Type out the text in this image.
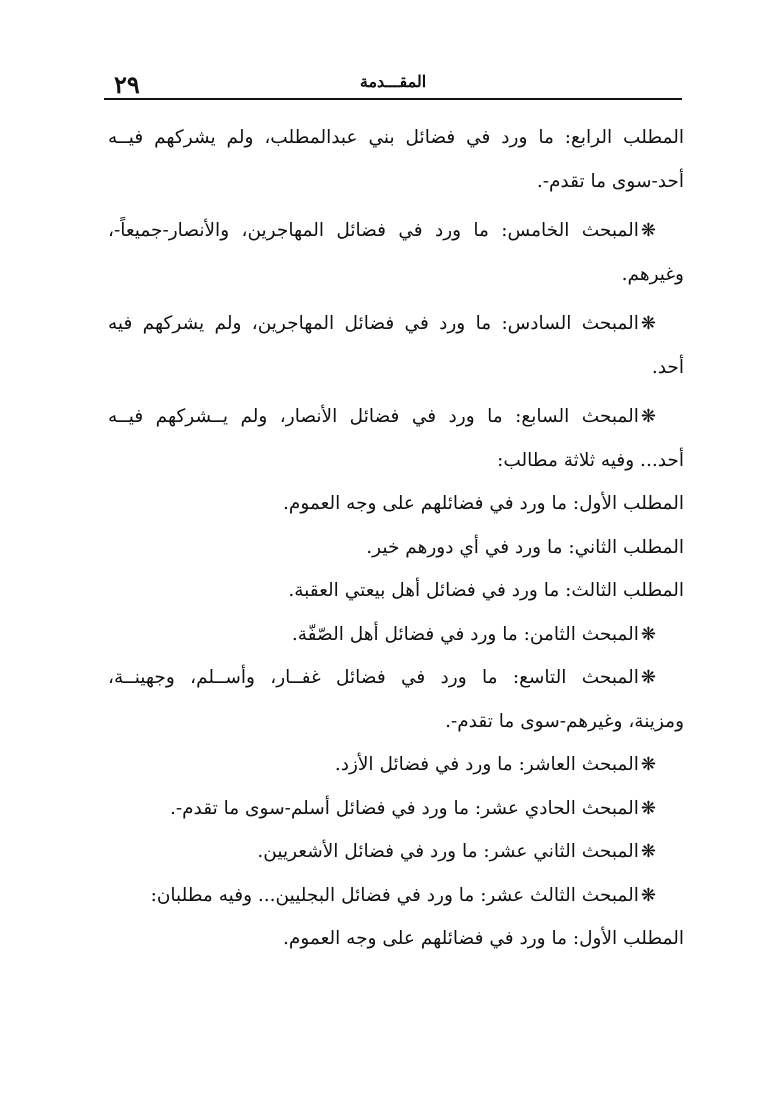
٢٩	المقـــدمة
المطلب الرابع: ما ورد في فضائل بني عبدالمطلب، ولم يشركهم فيــه
أحد-سوى ما تقدم-.
❋المبحث الخامس: ما ورد في فضائل المهاجرين، والأنصار-جميعاً-،
وغيرهم.
❋المبحث السادس: ما ورد في فضائل المهاجرين، ولم يشركهم فيه
أحد.
❋المبحث السابع: ما ورد في فضائل الأنصار، ولم يــشركهم فيــه
أحد... وفيه ثلاثة مطالب:
المطلب الأول: ما ورد في فضائلهم على وجه العموم.
المطلب الثاني: ما ورد في أي دورهم خير.
المطلب الثالث: ما ورد في فضائل أهل بيعتي العقبة.
❋المبحث الثامن: ما ورد في فضائل أهل الصّفّة.
❋المبحث التاسع: ما ورد في فضائل غفــار، وأســلم، وجهينــة،
ومزينة، وغيرهم-سوى ما تقدم-.
❋المبحث العاشر: ما ورد في فضائل الأزد.
❋المبحث الحادي عشر: ما ورد في فضائل أسلم-سوى ما تقدم-.
❋المبحث الثاني عشر: ما ورد في فضائل الأشعريين.
❋المبحث الثالث عشر: ما ورد في فضائل البجليين... وفيه مطلبان:
المطلب الأول: ما ورد في فضائلهم على وجه العموم.
